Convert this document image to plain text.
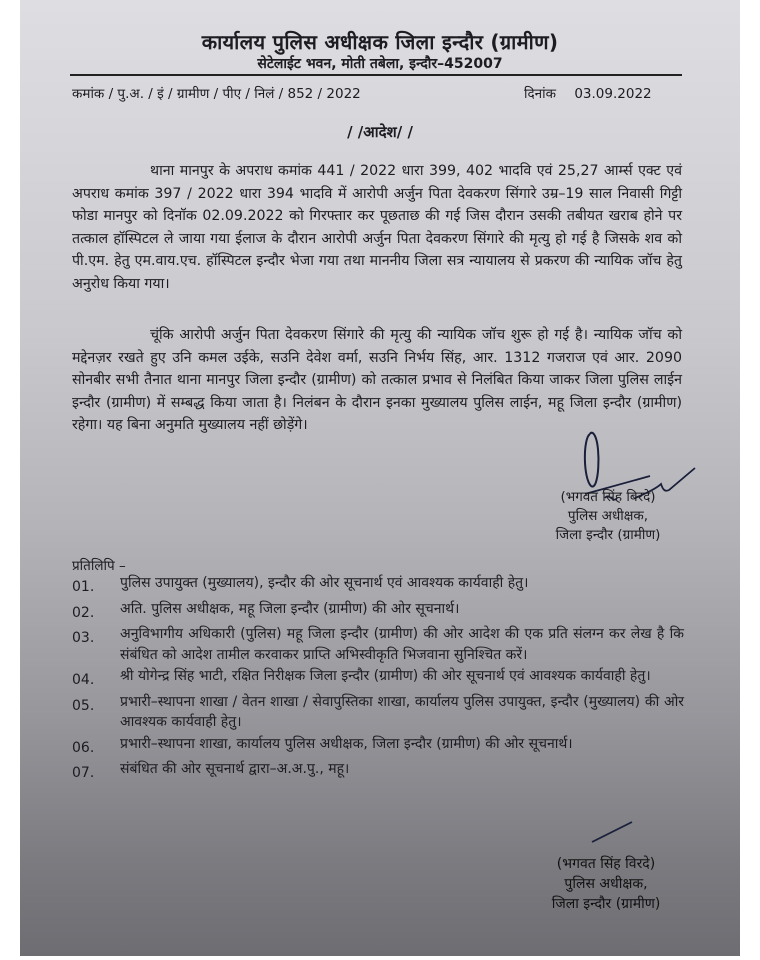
कार्यालय पुलिस अधीक्षक जिला इन्दौर (ग्रामीण)
सेटेलाईट भवन, मोती तबेला, इन्दौर–452007
कमांक / पु.अ. / इं / ग्रामीण / पीए / निलं / 852 / 2022	दिनांक 03.09.2022
/ /आदेश/ /
थाना मानपुर के अपराध कमांक 441 / 2022 धारा 399, 402 भादवि एवं 25,27 आर्म्स एक्ट एवं अपराध कमांक 397 / 2022 धारा 394 भादवि में आरोपी अर्जुन पिता देवकरण सिंगारे उम्र–19 साल निवासी गिट्टी फोडा मानपुर को दिनॉक 02.09.2022 को गिरफ्तार कर पूछताछ की गई जिस दौरान उसकी तबीयत खराब होने पर तत्काल हॉस्पिटल ले जाया गया ईलाज के दौरान आरोपी अर्जुन पिता देवकरण सिंगारे की मृत्यु हो गई है जिसके शव को पी.एम. हेतु एम.वाय.एच. हॉस्पिटल इन्दौर भेजा गया तथा माननीय जिला सत्र न्यायालय से प्रकरण की न्यायिक जॉच हेतु अनुरोध किया गया।
चूंकि आरोपी अर्जुन पिता देवकरण सिंगारे की मृत्यु की न्यायिक जॉच शुरू हो गई है। न्यायिक जॉच को मद्देनज़र रखते हुए उनि कमल उईके, सउनि देवेश वर्मा, सउनि निर्भय सिंह, आर. 1312 गजराज एवं आर. 2090 सोनबीर सभी तैनात थाना मानपुर जिला इन्दौर (ग्रामीण) को तत्काल प्रभाव से निलंबित किया जाकर जिला पुलिस लाईन इन्दौर (ग्रामीण) में सम्बद्ध किया जाता है। निलंबन के दौरान इनका मुख्यालय पुलिस लाईन, महू जिला इन्दौर (ग्रामीण) रहेगा। यह बिना अनुमति मुख्यालय नहीं छोड़ेंगे।
(भगवत सिंह बिरदे)
पुलिस अधीक्षक,
जिला इन्दौर (ग्रामीण)
प्रतिलिपि –
01.	पुलिस उपायुक्त (मुख्यालय), इन्दौर की ओर सूचनार्थ एवं आवश्यक कार्यवाही हेतु।
02.	अति. पुलिस अधीक्षक, महू जिला इन्दौर (ग्रामीण) की ओर सूचनार्थ।
03.	अनुविभागीय अधिकारी (पुलिस) महू जिला इन्दौर (ग्रामीण) की ओर आदेश की एक प्रति संलग्न कर लेख है कि संबंधित को आदेश तामील करवाकर प्राप्ति अभिस्वीकृति भिजवाना सुनिश्चित करें।
04.	श्री योगेन्द्र सिंह भाटी, रक्षित निरीक्षक जिला इन्दौर (ग्रामीण) की ओर सूचनार्थ एवं आवश्यक कार्यवाही हेतु।
05.	प्रभारी–स्थापना शाखा / वेतन शाखा / सेवापुस्तिका शाखा, कार्यालय पुलिस उपायुक्त, इन्दौर (मुख्यालय) की ओर आवश्यक कार्यवाही हेतु।
06.	प्रभारी–स्थापना शाखा, कार्यालय पुलिस अधीक्षक, जिला इन्दौर (ग्रामीण) की ओर सूचनार्थ।
07.	संबंधित की ओर सूचनार्थ द्वारा–अ.अ.पु., महू।
(भगवत सिंह विरदे)
पुलिस अधीक्षक,
जिला इन्दौर (ग्रामीण)
